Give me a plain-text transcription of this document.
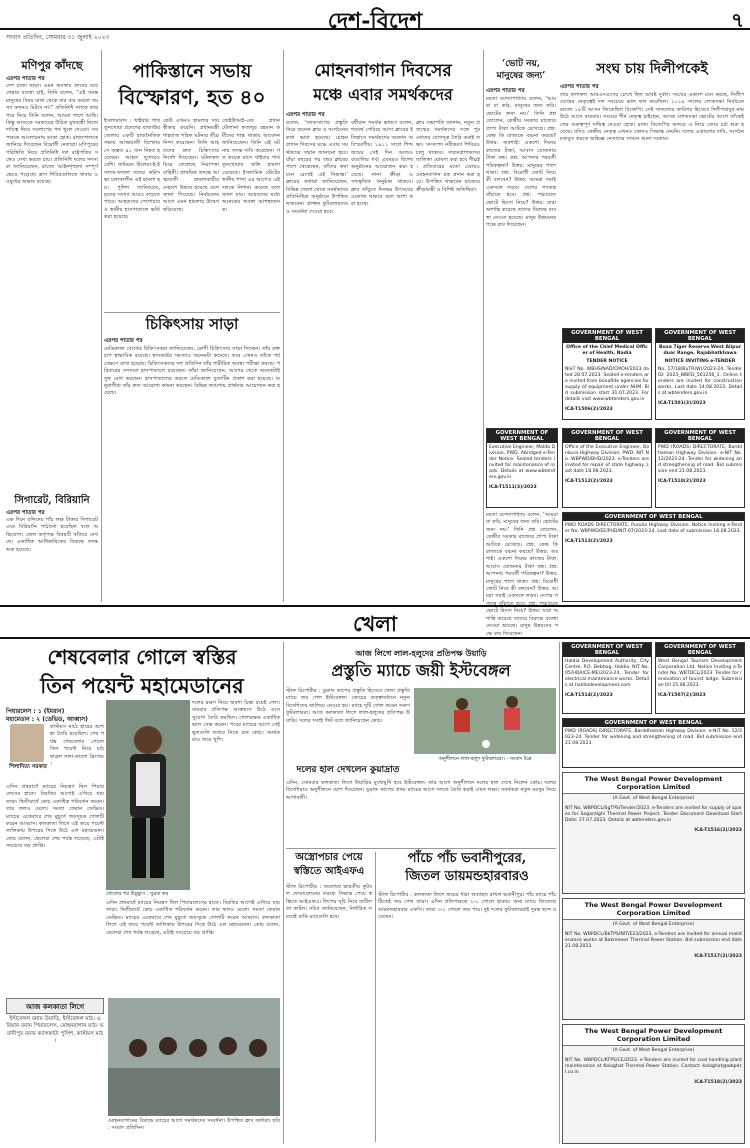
দেশ-বিদেশ	৭
সংবাদ প্রতিদিন, সোমবার ৩১ জুলাই ২০২৩
মণিপুর কাঁদছে
এরপর পাতার পর
দেশ রাজ্য ছাড়া। এমন অবস্থায় তাদের ঘরে ফেরার ব্যবস্থা চাই, তিনি বলেন, “এই সমস্ত মানুষের বিষয় মাথা থেকে বার বার করলে সমস্যা কখনও মিটবে না।” প্রতিনিধি দলকে তারপরে নিয়ে তিনি বলেন, আমরা পাশে আছি। কিন্তু আজকে সরকারের উচিত মুখ্যমন্ত্রী নিজে দায়িত্ব নিয়ে সংলাপের পথ খুলে দেওয়া। সব পক্ষকে আলোচনায় ডাকা হোক। রাজ্যপালকে জানিয়ে দিয়েছেন বিরোধী নেতারা। মণিপুরের পরিস্থিতি নিয়ে প্রতিনিধি দল রাষ্ট্রপতির সঙ্গেও দেখা করতে চায়। প্রতিনিধি দলের সদস্যরা জানিয়েছেন, রাজ্যে আইনশৃঙ্খলা সম্পূর্ণ ভেঙে পড়েছে। ত্রাণ শিবিরগুলিতে খাবার ও ওষুধের অভাব রয়েছে।
সিগারেট, বিরিয়ানি
এরপর পাতার পর
এক দিনে বন্দিদের পাঁচ লক্ষ টাকার সিগারেট এবং বিরিয়ানি পাঠানো হয়েছিল বলে অভিযোগ। জেল কর্তৃপক্ষ বিষয়টি খতিয়ে দেখছে। একাধিক আধিকারিকের বিরুদ্ধে তদন্ত শুরু হয়েছে।
পাকিস্তানে সভায়
বিস্ফোরণ, হত ৪০
ইসলামাবাদ : খাইবার পাখতুনখোয়া প্রদেশের বাজাউর জেলায় একটি রাজনৈতিক সভায় আত্মঘাতী বিস্ফোরণে অন্তত ৪০ জন নিহত হয়েছেন। আহত দুশোরও বেশি। জমিয়ত উলেমা-ই-ইসলাম-ফজল দলের কর্মিসভা চলাকালীন এই হামলা হয়। পুলিশ জানিয়েছে, মৃতের সংখ্যা আরও বাড়তে পারে। আহতদের পেশোয়ার ও স্থানীয় হাসপাতালে ভর্তি করা হয়েছে।
কেউ এখনও হামলার দায় স্বীকার করেনি। প্রধানমন্ত্রী শাহবাজ শরিফ ঘটনার তীব্র নিন্দা করেছেন। তিনি আহতদের দ্রুত চিকিৎসার নির্দেশ দিয়েছেন। ঘটনাস্থল ঘিরে ফেলেছে নিরাপত্তা বাহিনী। প্রাথমিক তদন্তে আত্মঘাতী হামলাকারীর দেহাংশ উদ্ধার হয়েছে বলে জানা গিয়েছে। নির্বাচনের আগে এমন হামলায় উদ্বেগ ছড়িয়েছে।
জেইউআই-এফ প্রধান মৌলানা ফজলুর রহমান কর্মীদের শান্ত থাকার আবেদন জানিয়েছেন। তিনি এই ঘটনায় তদন্ত দাবি করেছেন। গত কয়েক মাসে খাইবার পাখতুনখোয়ায় জঙ্গি হামলা বেড়েছে। ইসলামিক স্টেটের স্থানীয় শাখা এর আগেও এই দলকে নিশানা করেছে বলে জানা যায়। আহতদের মধ্যে অনেকের অবস্থা আশঙ্কাজনক।
চিকিৎসায় সাড়া
এরপর পাতার পর
মেডিক্যাল বোর্ডের চিকিৎসকরা জানিয়েছেন, রোগী চিকিৎসায় সাড়া দিচ্ছেন। তাঁর রক্তচাপ স্বাভাবিক রয়েছে। শ্বাসকষ্টের সমস্যাও অনেকটা কমেছে। তবে এখনও তাঁকে পর্যবেক্ষণে রাখা হয়েছে। চিকিৎসকদের দল প্রতিদিন তাঁর শারীরিক অবস্থা পরীক্ষা করছে। পরিবারের সদস্যরা হাসপাতালে রয়েছেন। তাঁরা জানিয়েছেন, আগের থেকে অনেকটাই সুস্থ বোধ করছেন। হাসপাতালের তরফে মেডিক্যাল বুলেটিন প্রকাশ করা হয়েছে। অনুরাগীরা তাঁর দ্রুত আরোগ্য কামনা করছেন। বিভিন্ন জায়গায় প্রার্থনার আয়োজন করা হয়েছে।
মোহনবাগান দিবসের
মঞ্চে এবার সমর্থকদের
এরপর পাতার পর
বলেন, ‘জাতসাপের প্রস্তুতি নিয়ে অনেক ক্লাব ও সংগঠনের কথা ভাবা হয়েছে। মোহনবাগান দিবসের মঞ্চে এবার সমর্থকদের সম্মান জানানো হবে। যাঁরা বছরের পর বছর ক্লাবের পাশে থেকেছেন, তাঁদের কথা মনে রেখেই এই সিদ্ধান্ত।’ ক্লাবের কর্তারা জানিয়েছেন, বিভিন্ন জেলা থেকে সমর্থকদের প্রতিনিধিরা অনুষ্ঠানে উপস্থিত থাকবেন। প্রাক্তন ফুটবলারদেরও সংবর্ধনা দেওয়া হবে।
বর্ষীয়ান সমর্থক ভাষণে বলেন, শতবর্ষ পেরিয়ে আসা ক্লাবের ইতিহাসে সমর্থকদের অবদান অবিস্মরণীয়। ১৯১১ সালে শিল্ড জয়ের সেই দিন আজও বাঙালির গর্ব। এবছরও বিশেষ অনুষ্ঠানের আয়োজন করা হয়েছে। নানা ক্রীড়া ও সাংস্কৃতিক অনুষ্ঠান থাকবে। ক্লাব তাঁবুতে দিনভর উৎসবের মেজাজ থাকবে বলে আশা করা হচ্ছে।
ক্লাব সভাপতি জানান, নতুন প্রজন্মের সমর্থকদের সঙ্গে পুরনোদের যোগসূত্র তৈরি করাই লক্ষ্য। সদস্যপদ নবীকরণ শিবিরও চালু থাকবে। সম্মানপ্রাপকদের তালিকা ঘোষণা করা হবে শীঘ্রই। প্রতিবারের মতো এবারও মোহনবাগান রত্ন প্রদান করা হবে। উপস্থিত থাকবেন রাজ্যের ক্রীড়ামন্ত্রী ও বিশিষ্ট অতিথিরা।
‘ভোট নয়,
মানুষের জন্য’
এরপর পাতার পর
মমতা বন্দ্যোপাধ্যায় বলেন, ‘আমরা যা করি, মানুষের জন্য করি। ভোটের জন্য নয়।’ তিনি প্রশ্ন তোলেন, কেন্দ্রীয় সরকার রাজ্যের প্রাপ্য টাকা আটকে রেখেছে। প্রশ্ন: কেন্দ্র কি রাজ্যকে বঞ্চনা করছে? উত্তর: অবশ্যই। একশো দিনের কাজের টাকা, আবাস যোজনার টাকা বন্ধ। প্রশ্ন: আপনার পরবর্তী পরিকল্পনা? উত্তর: মানুষের পাশে থাকা। প্রশ্ন: বিরোধী জোট নিয়ে কী বলবেন? উত্তর: আমরা সবাই একসঙ্গে লড়ব। দেশের গণতন্ত্র বাঁচাতে হবে। প্রশ্ন: পঞ্চায়েত ভোটে হিংসা নিয়ে? উত্তর: যারা অশান্তি করেছে তাদের বিরুদ্ধে ব্যবস্থা নেওয়া হয়েছে। মানুষ উন্নয়নের পক্ষে রায় দিয়েছেন।
সংঘ চায় দিলীপকেই
এরপর পাতার পর
তার ফলাফল আরএসএসের চোখে ছিল যথেষ্ট দুর্বল। সংঘের একাংশ মনে করছে, দিলীপ ঘোষের নেতৃত্বেই দল সবচেয়ে ভাল ফল করেছিল। ২০১৯ সালের লোকসভা নির্বাচনে রাজ্যে ১৮টি আসন জিতেছিল বিজেপি। সেই সাফল্যের কারিগর হিসেবে দিলীপবাবুর নাম উঠে আসে বারবার। সংঘের শীর্ষ নেতৃত্ব চাইছেন, আসন্ন লোকসভা ভোটের আগে তাঁকেই ফের গুরুত্বপূর্ণ দায়িত্ব দেওয়া হোক। রাজ্য বিজেপির অন্দরে এ নিয়ে জোর চর্চা শুরু হয়েছে। যদিও কেন্দ্রীয় নেতৃত্ব এখনও কোনও সিদ্ধান্ত নেয়নি। দলের একাংশের দাবি, সংগঠন মজবুত করতে অভিজ্ঞ নেতাদের সামনে আনা দরকার।
GOVERNMENT OF WEST BENGAL
Office of the Chief Medical Officer of Health, Nadia
TENDER NOTICE
NIeT No. WBHS/NAD/CMOH/2023 dated 28.07.2023. Sealed e-tenders are invited from bonafide agencies for supply of equipment under NHM. Bid submission start 31.07.2023. For details visit www.wbtenders.gov.in
ICA-T1506(2)/2023
GOVERNMENT OF WEST BENGAL
Buxa Tiger Reserve West Alipurduar Range, Rajabhatkhawa
NOTICE INVITING e-TENDER
No. 17/18/BuTR(W)/2023-24. Tender ID: 2023_WBFD_561256_1. Online tenders are invited for construction works. Last date 14.08.2023. Details at wbtenders.gov.in
ICA-T1501(3)/2023
GOVERNMENT OF WEST BENGAL
Executive Engineer, Malda Division, PWD. Abridged e-Tender Notice. Sealed tenders invited for maintenance of roads. Details at www.wbtenders.gov.in
ICA-T1511(3)/2023
GOVERNMENT OF WEST BENGAL
Office of the Executive Engineer, Bankura Highway Division, PWD. NIT No. WBPWD/BHD/2023. e-Tenders are invited for repair of state highway. Last date 18.08.2023.
ICA-T1512(2)/2023
GOVERNMENT OF WEST BENGAL
PWD (ROADS) DIRECTORATE, Barddhaman Highway Division. e-NIT No. 12/2023-24. Tender for widening and strengthening of road. Bid submission end 21.08.2023.
ICA-T1510(2)/2023
GOVERNMENT OF WEST BENGAL
PWD ROADS DIRECTORATE, Purulia Highway Division. Notice Inviting e-Tender No. WBPWD/EE/PHD/NIT-07/2023-24. Last date of submission 16.08.2023.
ICA-T1513(2)/2023
মমতা বন্দ্যোপাধ্যায় বলেন, ‘আমরা যা করি, মানুষের জন্য করি। ভোটের জন্য নয়।’ তিনি প্রশ্ন তোলেন, কেন্দ্রীয় সরকার রাজ্যের প্রাপ্য টাকা আটকে রেখেছে। প্রশ্ন: কেন্দ্র কি রাজ্যকে বঞ্চনা করছে? উত্তর: অবশ্যই। একশো দিনের কাজের টাকা, আবাস যোজনার টাকা বন্ধ। প্রশ্ন: আপনার পরবর্তী পরিকল্পনা? উত্তর: মানুষের পাশে থাকা। প্রশ্ন: বিরোধী জোট নিয়ে কী বলবেন? উত্তর: আমরা সবাই একসঙ্গে লড়ব। দেশের গণতন্ত্র বাঁচাতে হবে। প্রশ্ন: পঞ্চায়েত ভোটে হিংসা নিয়ে? উত্তর: যারা অশান্তি করেছে তাদের বিরুদ্ধে ব্যবস্থা নেওয়া হয়েছে। মানুষ উন্নয়নের পক্ষে রায় দিয়েছেন।
খেলা
শেষবেলার গোলে স্বস্তির
তিন পয়েন্ট মহামেডানের
পিয়ারলেস : ১ (ইমরান)
মহামেডান : ২ (ডেভিড, আব্বাস)
শিলাদিত্য সরকার
কাস্টমস মাঠে হারের আশঙ্কা তৈরি হয়েছিল। শেষ পর্যন্ত শেষবেলার গোলে তিন পয়েন্ট নিয়ে মাঠ ছাড়ল সাদা-কালো ব্রিগেড।
এদিন প্রথমার্ধে ম্যাচের নিয়ন্ত্রণ ছিল পিয়ারলেসের হাতে। বিরতির আগেই এগিয়ে যায় তারা। দ্বিতীয়ার্ধে কোচ একাধিক পরিবর্তন করেন। তার ফলও মেলে। সমতা ফেরান ডেভিড। ম্যাচের একেবারে শেষ মুহূর্তে জয়সূচক গোলটি করেন আব্বাস। কলকাতা লিগে এই জয়ে পয়েন্ট তালিকায় উপরের দিকে উঠে এল মহামেডান। কোচ বলেন, ছেলেরা শেষ পর্যন্ত লড়েছে, এটাই সবচেয়ে বড় প্রাপ্তি।
গোলের পর উচ্ছ্বাস : সুব্রত কর
দলের রক্ষণ নিয়ে অবশ্য চিন্তা রয়েই গেল। বারবার প্রতিপক্ষ আক্রমণে উঠে এসে সুযোগ তৈরি করছিল। গোলরক্ষক একাধিক ভাল সেভ করেন। পরের ম্যাচের আগে সেই ভুলগুলি শুধরে নিতে চান কোচ। সমর্থকরাও জয়ে খুশি।
এদিন প্রথমার্ধে ম্যাচের নিয়ন্ত্রণ ছিল পিয়ারলেসের হাতে। বিরতির আগেই এগিয়ে যায় তারা। দ্বিতীয়ার্ধে কোচ একাধিক পরিবর্তন করেন। তার ফলও মেলে। সমতা ফেরান ডেভিড। ম্যাচের একেবারে শেষ মুহূর্তে জয়সূচক গোলটি করেন আব্বাস। কলকাতা লিগে এই জয়ে পয়েন্ট তালিকায় উপরের দিকে উঠে এল মহামেডান। কোচ বলেন, ছেলেরা শেষ পর্যন্ত লড়েছে, এটাই সবচেয়ে বড় প্রাপ্তি।
আজ কলকাতা লিগে
ইস্টবেঙ্গল বনাম উয়াড়ি, ইস্টবেঙ্গল মাঠ। এরিয়ান বনাম পিয়ারলেস, মোহনবাগান মাঠ। ভবানীপুর বনাম ক্যালকাটা পুলিশ, কাস্টমস মাঠ।
মোহনবাগানের বিরুদ্ধে ম্যাচের আগে সমর্থকদের সংবর্ধনা। উপস্থিত ক্লাব কর্তারা। ছবি : সংবাদ প্রতিদিন।
আজ লিগে লাল-হলুদের প্রতিপক্ষ উয়াড়ি
প্রস্তুতি ম্যাচে জয়ী ইস্টবেঙ্গল
স্টাফ রিপোর্টার : ডুরান্ড কাপের প্রস্তুতি হিসেবে খেলা প্রস্তুতি ম্যাচে জয় পেল ইস্টবেঙ্গল। কোচের তত্ত্বাবধানে নতুন বিদেশিদের ঝালিয়ে নেওয়া হয়। ম্যাচে দুটি গোল করেন তরুণ ফুটবলাররা। আজ কলকাতা লিগে লাল-হলুদের প্রতিপক্ষ উয়াড়ি। দলের সবাই ফিট বলে জানিয়েছেন কোচ।
অনুশীলনে লাল-হলুদ ফুটবলাররা। - সংবাদ চিত্র
দলের হাল দেখলেন কুয়াদ্রাত
এদিন, সোমবার কলকাতা লিগে উয়াড়ির মুখোমুখি হবে ইস্টবেঙ্গল। তার আগে অনুশীলনে দলের হাল দেখে নিলেন কোচ। দলের বিদেশিরাও অনুশীলনে যোগ দিয়েছেন। ডুরান্ড কাপের প্রথম ম্যাচের আগে দলকে তৈরি করাই এখন লক্ষ্য। সমর্থকরা নতুন মরসুম নিয়ে আশাবাদী।
অস্ত্রোপচার পেয়ে
স্বস্তিতে আইএফএ
স্টাফ রিপোর্টার : অবশেষে ভারতীয় ফুটবল ফেডারেশনের তরফে সিদ্ধান্ত পেয়ে স্বস্তিতে আইএফএ। লিগের সূচি নিয়ে জটিলতা কাটল। সচিব জানিয়েছেন, নির্ধারিত সময়েই বাকি ম্যাচগুলি হবে।
পাঁচে পাঁচ ভবানীপুরের,
জিতল ডায়মন্ডহারবারও
স্টাফ রিপোর্টার : কলকাতা লিগে জয়ের ধারা অব্যাহত রাখল ভবানীপুর। পাঁচ ম্যাচে পাঁচটিতেই জয় পেল তারা। এদিন প্রতিপক্ষকে ২-০ গোলে হারায়। অন্য ম্যাচে জিতেছে ডায়মন্ডহারবার এফসি। তারা ৩-১ গোলে জয় পায়। দুই দলের ফুটবলাররাই দুরন্ত ছন্দে রয়েছেন।
GOVERNMENT OF WEST BENGAL
Haldia Development Authority, City Centre, P.O. Debhog, Haldia. NIT No. 05/HDA/CE-ME/2023-24. Tender for electrical maintenance works. Details at haldiadevelopment.com
ICA-T1514(2)/2023
GOVERNMENT OF WEST BENGAL
West Bengal Tourism Development Corporation Ltd. Notice Inviting e-Tender No. WBTDCL/2023. Tender for renovation of tourist lodge. Submission till 25.08.2023.
ICA-T1507(2)/2023
GOVERNMENT OF WEST BENGAL
PWD (ROADS) DIRECTORATE, Barddhaman Highway Division. e-NIT No. 12/2023-24. Tender for widening and strengthening of road. Bid submission end 21.08.2023.
The West Bengal Power Development Corporation Limited
(A Govt. of West Bengal Enterprise)
NIT No. WBPDCL/SgTPS/Tender/2023. e-Tenders are invited for supply of spares for Sagardighi Thermal Power Project. Tender Document Download Start Date: 27.07.2023. Details at wbtenders.gov.in
ICA-T1516(2)/2023
The West Bengal Power Development Corporation Limited
(A Govt. of West Bengal Enterprise)
NIT No. WBPDCL/BkTPS/NIT/E23/2023. e-Tenders are invited for annual maintenance works at Bakreswar Thermal Power Station. Bid submission end date 21.08.2023.
ICA-T1517(2)/2023
The West Bengal Power Development Corporation Limited
(A Govt. of West Bengal Enterprise)
NIT No. WBPDCL/KTPS/CE/2023. e-Tenders are invited for coal handling plant maintenance at Kolaghat Thermal Power Station. Contact: kolaghat@wbpdcl.co.in
ICA-T1518(2)/2023
